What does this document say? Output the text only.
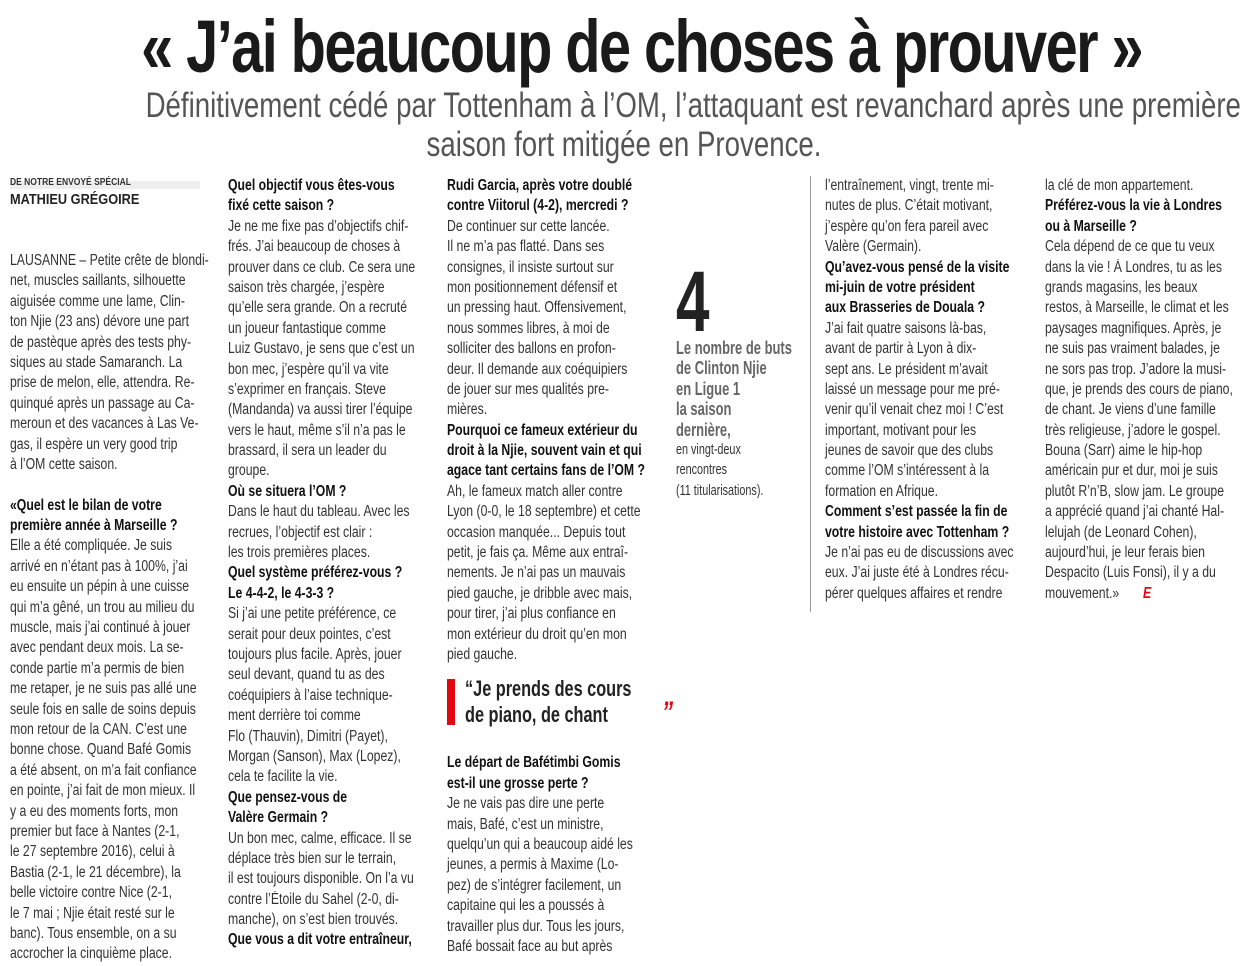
« J’ai beaucoup de choses à prouver »
Définitivement cédé par Tottenham à l’OM, l’attaquant est revanchard après une première
saison fort mitigée en Provence.
DE NOTRE ENVOYÉ SPÉCIAL
MATHIEU GRÉGOIRE
LAUSANNE – Petite crête de blondi-
net, muscles saillants, silhouette
aiguisée comme une lame, Clin-
ton Njie (23 ans) dévore une part
de pastèque après des tests phy-
siques au stade Samaranch. La
prise de melon, elle, attendra. Re-
quinqué après un passage au Ca-
meroun et des vacances à Las Ve-
gas, il espère un very good trip
à l’OM cette saison.
«Quel est le bilan de votre
première année à Marseille ?
Elle a été compliquée. Je suis
arrivé en n’étant pas à 100%, j’ai
eu ensuite un pépin à une cuisse
qui m’a gêné, un trou au milieu du
muscle, mais j’ai continué à jouer
avec pendant deux mois. La se-
conde partie m’a permis de bien
me retaper, je ne suis pas allé une
seule fois en salle de soins depuis
mon retour de la CAN. C’est une
bonne chose. Quand Bafé Gomis
a été absent, on m’a fait confiance
en pointe, j’ai fait de mon mieux. Il
y a eu des moments forts, mon
premier but face à Nantes (2-1,
le 27 septembre 2016), celui à
Bastia (2-1, le 21 décembre), la
belle victoire contre Nice (2-1,
le 7 mai ; Njie était resté sur le
banc). Tous ensemble, on a su
accrocher la cinquième place.
Quel objectif vous êtes-vous
fixé cette saison ?
Je ne me fixe pas d’objectifs chif-
frés. J’ai beaucoup de choses à
prouver dans ce club. Ce sera une
saison très chargée, j’espère
qu’elle sera grande. On a recruté
un joueur fantastique comme
Luiz Gustavo, je sens que c’est un
bon mec, j’espère qu’il va vite
s’exprimer en français. Steve
(Mandanda) va aussi tirer l’équipe
vers le haut, même s’il n’a pas le
brassard, il sera un leader du
groupe.
Où se situera l’OM ?
Dans le haut du tableau. Avec les
recrues, l’objectif est clair :
les trois premières places.
Quel système préférez-vous ?
Le 4-4-2, le 4-3-3 ?
Si j’ai une petite préférence, ce
serait pour deux pointes, c’est
toujours plus facile. Après, jouer
seul devant, quand tu as des
coéquipiers à l’aise technique-
ment derrière toi comme
Flo (Thauvin), Dimitri (Payet),
Morgan (Sanson), Max (Lopez),
cela te facilite la vie.
Que pensez-vous de
Valère Germain ?
Un bon mec, calme, efficace. Il se
déplace très bien sur le terrain,
il est toujours disponible. On l’a vu
contre l’Étoile du Sahel (2-0, di-
manche), on s’est bien trouvés.
Que vous a dit votre entraîneur,
Rudi Garcia, après votre doublé
contre Viitorul (4-2), mercredi ?
De continuer sur cette lancée.
Il ne m’a pas flatté. Dans ses
consignes, il insiste surtout sur
mon positionnement défensif et
un pressing haut. Offensivement,
nous sommes libres, à moi de
solliciter des ballons en profon-
deur. Il demande aux coéquipiers
de jouer sur mes qualités pre-
mières.
Pourquoi ce fameux extérieur du
droit à la Njie, souvent vain et qui
agace tant certains fans de l’OM ?
Ah, le fameux match aller contre
Lyon (0-0, le 18 septembre) et cette
occasion manquée... Depuis tout
petit, je fais ça. Même aux entraî-
nements. Je n’ai pas un mauvais
pied gauche, je dribble avec mais,
pour tirer, j’ai plus confiance en
mon extérieur du droit qu’en mon
pied gauche.
“Je prends des cours
de piano, de chant ”
Le départ de Bafétimbi Gomis
est-il une grosse perte ?
Je ne vais pas dire une perte
mais, Bafé, c’est un ministre,
quelqu’un qui a beaucoup aidé les
jeunes, a permis à Maxime (Lo-
pez) de s’intégrer facilement, un
capitaine qui les a poussés à
travailler plus dur. Tous les jours,
Bafé bossait face au but après
4
Le nombre de buts
de Clinton Njie
en Ligue 1
la saison
dernière,
en vingt-deux
rencontres
(11 titularisations).
l’entraînement, vingt, trente mi-
nutes de plus. C’était motivant,
j’espère qu’on fera pareil avec
Valère (Germain).
Qu’avez-vous pensé de la visite
mi-juin de votre président
aux Brasseries de Douala ?
J’ai fait quatre saisons là-bas,
avant de partir à Lyon à dix-
sept ans. Le président m’avait
laissé un message pour me pré-
venir qu’il venait chez moi ! C’est
important, motivant pour les
jeunes de savoir que des clubs
comme l’OM s’intéressent à la
formation en Afrique.
Comment s’est passée la fin de
votre histoire avec Tottenham ?
Je n’ai pas eu de discussions avec
eux. J’ai juste été à Londres récu-
pérer quelques affaires et rendre
la clé de mon appartement.
Préférez-vous la vie à Londres
ou à Marseille ?
Cela dépend de ce que tu veux
dans la vie ! À Londres, tu as les
grands magasins, les beaux
restos, à Marseille, le climat et les
paysages magnifiques. Après, je
ne suis pas vraiment balades, je
ne sors pas trop. J’adore la musi-
que, je prends des cours de piano,
de chant. Je viens d’une famille
très religieuse, j’adore le gospel.
Bouna (Sarr) aime le hip-hop
américain pur et dur, moi je suis
plutôt R’n’B, slow jam. Le groupe
a apprécié quand j’ai chanté Hal-
lelujah (de Leonard Cohen),
aujourd’hui, je leur ferais bien
Despacito (Luis Fonsi), il y a du
mouvement.» E
